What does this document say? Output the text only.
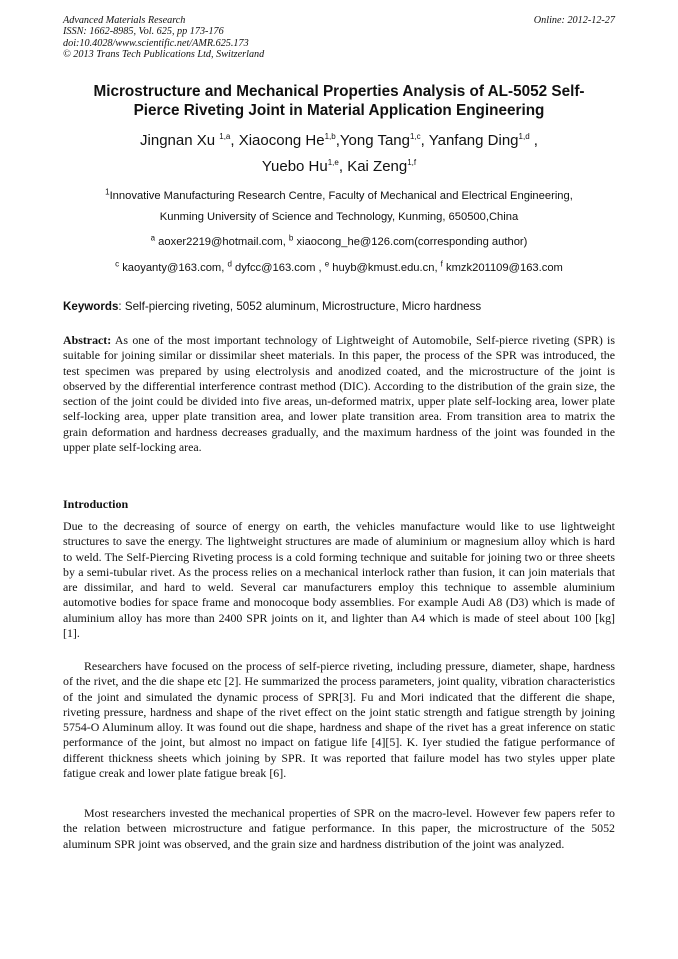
Advanced Materials Research
ISSN: 1662-8985, Vol. 625, pp 173-176
doi:10.4028/www.scientific.net/AMR.625.173
© 2013 Trans Tech Publications Ltd, Switzerland
Online: 2012-12-27
Microstructure and Mechanical Properties Analysis of AL-5052 Self-
Pierce Riveting Joint in Material Application Engineering
Jingnan Xu $^{1,a}$, Xiaocong He$^{1,b}$,Yong Tang$^{1,c}$, Yanfang Ding$^{1,d}$ ,
Yuebo Hu$^{1,e}$, Kai Zeng$^{1,f}$
$^1$Innovative Manufacturing Research Centre, Faculty of Mechanical and Electrical Engineering,
Kunming University of Science and Technology, Kunming, 650500,China
$^a$ aoxer2219@hotmail.com, $^b$ xiaocong_he@126.com(corresponding author)
$^c$ kaoyanty@163.com, $^d$ dyfcc@163.com , $^e$ huyb@kmust.edu.cn, $^f$ kmzk201109@163.com
Keywords: Self-piercing riveting, 5052 aluminum, Microstructure, Micro hardness
Abstract: As one of the most important technology of Lightweight of Automobile, Self-pierce riveting (SPR) is suitable for joining similar or dissimilar sheet materials. In this paper, the process of the SPR was introduced, the test specimen was prepared by using electrolysis and anodized coated, and the microstructure of the joint is observed by the differential interference contrast method (DIC). According to the distribution of the grain size, the section of the joint could be divided into five areas, un-deformed matrix, upper plate self-locking area, lower plate self-locking area, upper plate transition area, and lower plate transition area. From transition area to matrix the grain deformation and hardness decreases gradually, and the maximum hardness of the joint was founded in the upper plate self-locking area.
Introduction
Due to the decreasing of source of energy on earth, the vehicles manufacture would like to use lightweight structures to save the energy. The lightweight structures are made of aluminium or magnesium alloy which is hard to weld. The Self-Piercing Riveting process is a cold forming technique and suitable for joining two or three sheets by a semi-tubular rivet. As the process relies on a mechanical interlock rather than fusion, it can join materials that are dissimilar, and hard to weld. Several car manufacturers employ this technique to assemble aluminium automotive bodies for space frame and monocoque body assemblies. For example Audi A8 (D3) which is made of aluminium alloy has more than 2400 SPR joints on it, and lighter than A4 which is made of steel about 100 [kg] [1].
Researchers have focused on the process of self-pierce riveting, including pressure, diameter, shape, hardness of the rivet, and the die shape etc [2]. He summarized the process parameters, joint quality, vibration characteristics of the joint and simulated the dynamic process of SPR[3]. Fu and Mori indicated that the different die shape, riveting pressure, hardness and shape of the rivet effect on the joint static strength and fatigue strength by joining 5754-O Aluminum alloy. It was found out die shape, hardness and shape of the rivet has a great inference on static performance of the joint, but almost no impact on fatigue life [4][5]. K. Iyer studied the fatigue performance of different thickness sheets which joining by SPR. It was reported that failure model has two styles upper plate fatigue creak and lower plate fatigue break [6].
Most researchers invested the mechanical properties of SPR on the macro-level. However few papers refer to the relation between microstructure and fatigue performance. In this paper, the microstructure of the 5052 aluminum SPR joint was observed, and the grain size and hardness distribution of the joint was analyzed.
